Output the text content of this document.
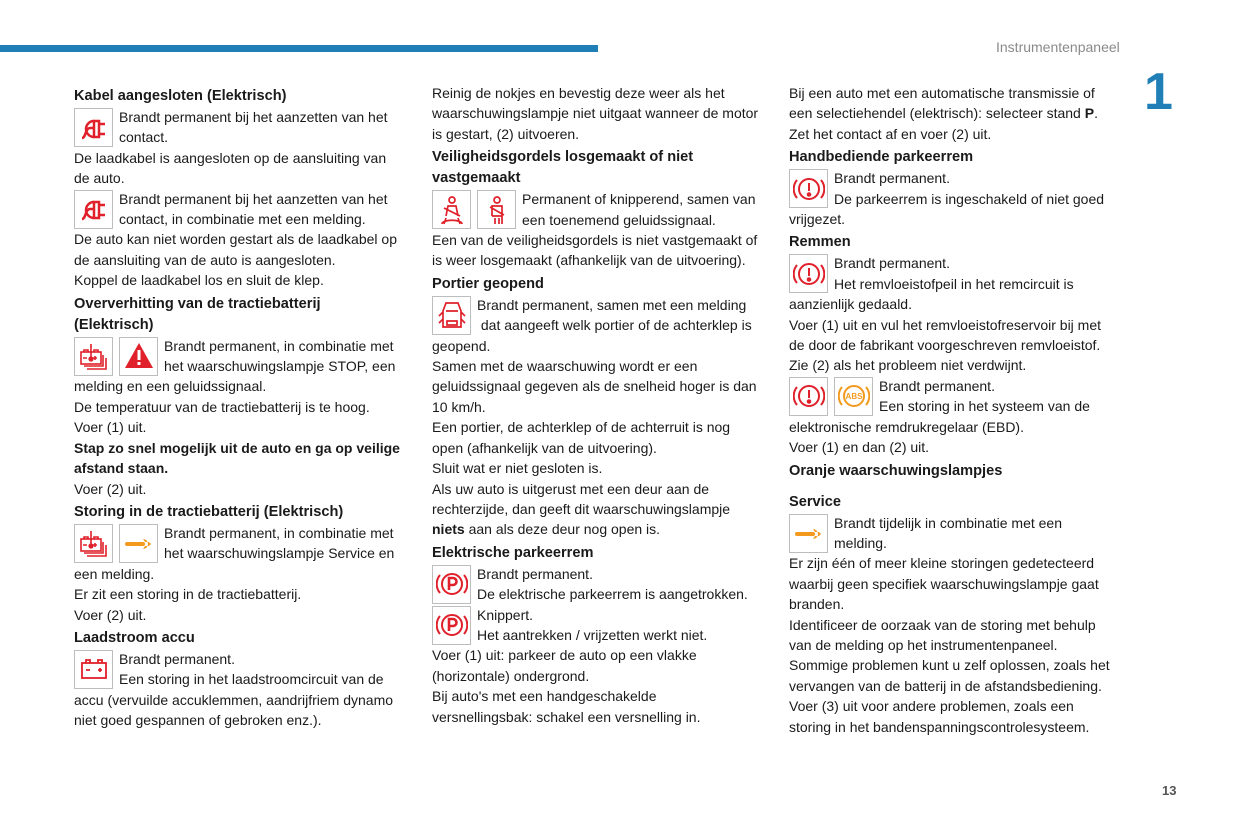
Instrumentenpaneel
1
Kabel aangesloten (Elektrisch)
Brandt permanent bij het aanzetten van het
contact.
De laadkabel is aangesloten op de aansluiting van
de auto.
Brandt permanent bij het aanzetten van het
contact, in combinatie met een melding.
De auto kan niet worden gestart als de laadkabel op
de aansluiting van de auto is aangesloten.
Koppel de laadkabel los en sluit de klep.
Oververhitting van de tractiebatterij
(Elektrisch)
Brandt permanent, in combinatie met
het waarschuwingslampje STOP, een
melding en een geluidssignaal.
De temperatuur van de tractiebatterij is te hoog.
Voer (1) uit.
Stap zo snel mogelijk uit de auto en ga op veilige
afstand staan.
Voer (2) uit.
Storing in de tractiebatterij (Elektrisch)
Brandt permanent, in combinatie met
het waarschuwingslampje Service en
een melding.
Er zit een storing in de tractiebatterij.
Voer (2) uit.
Laadstroom accu
Brandt permanent.
Een storing in het laadstroomcircuit van de
accu (vervuilde accuklemmen, aandrijfriem dynamo
niet goed gespannen of gebroken enz.).
Reinig de nokjes en bevestig deze weer als het
waarschuwingslampje niet uitgaat wanneer de motor
is gestart, (2) uitvoeren.
Veiligheidsgordels losgemaakt of niet
vastgemaakt
Permanent of knipperend, samen van
een toenemend geluidssignaal.
Een van de veiligheidsgordels is niet vastgemaakt of
is weer losgemaakt (afhankelijk van de uitvoering).
Portier geopend
Brandt permanent, samen met een melding
dat aangeeft welk portier of de achterklep is
geopend.
Samen met de waarschuwing wordt er een
geluidssignaal gegeven als de snelheid hoger is dan
10 km/h.
Een portier, de achterklep of de achterruit is nog
open (afhankelijk van de uitvoering).
Sluit wat er niet gesloten is.
Als uw auto is uitgerust met een deur aan de
rechterzijde, dan geeft dit waarschuwingslampje
niets aan als deze deur nog open is.
Elektrische parkeerrem
Brandt permanent.
De elektrische parkeerrem is aangetrokken.
Knippert.
Het aantrekken / vrijzetten werkt niet.
Voer (1) uit: parkeer de auto op een vlakke
(horizontale) ondergrond.
Bij auto's met een handgeschakelde
versnellingsbak: schakel een versnelling in.
Bij een auto met een automatische transmissie of
een selectiehendel (elektrisch): selecteer stand P.
Zet het contact af en voer (2) uit.
Handbediende parkeerrem
Brandt permanent.
De parkeerrem is ingeschakeld of niet goed
vrijgezet.
Remmen
Brandt permanent.
Het remvloeistofpeil in het remcircuit is
aanzienlijk gedaald.
Voer (1) uit en vul het remvloeistofreservoir bij met
de door de fabrikant voorgeschreven remvloeistof.
Zie (2) als het probleem niet verdwijnt.
ABS
Brandt permanent.
Een storing in het systeem van de
elektronische remdrukregelaar (EBD).
Voer (1) en dan (2) uit.
Oranje waarschuwingslampjes
Service
Brandt tijdelijk in combinatie met een
melding.
Er zijn één of meer kleine storingen gedetecteerd
waarbij geen specifiek waarschuwingslampje gaat
branden.
Identificeer de oorzaak van de storing met behulp
van de melding op het instrumentenpaneel.
Sommige problemen kunt u zelf oplossen, zoals het
vervangen van de batterij in de afstandsbediening.
Voer (3) uit voor andere problemen, zoals een
storing in het bandenspanningscontrolesysteem.
13
